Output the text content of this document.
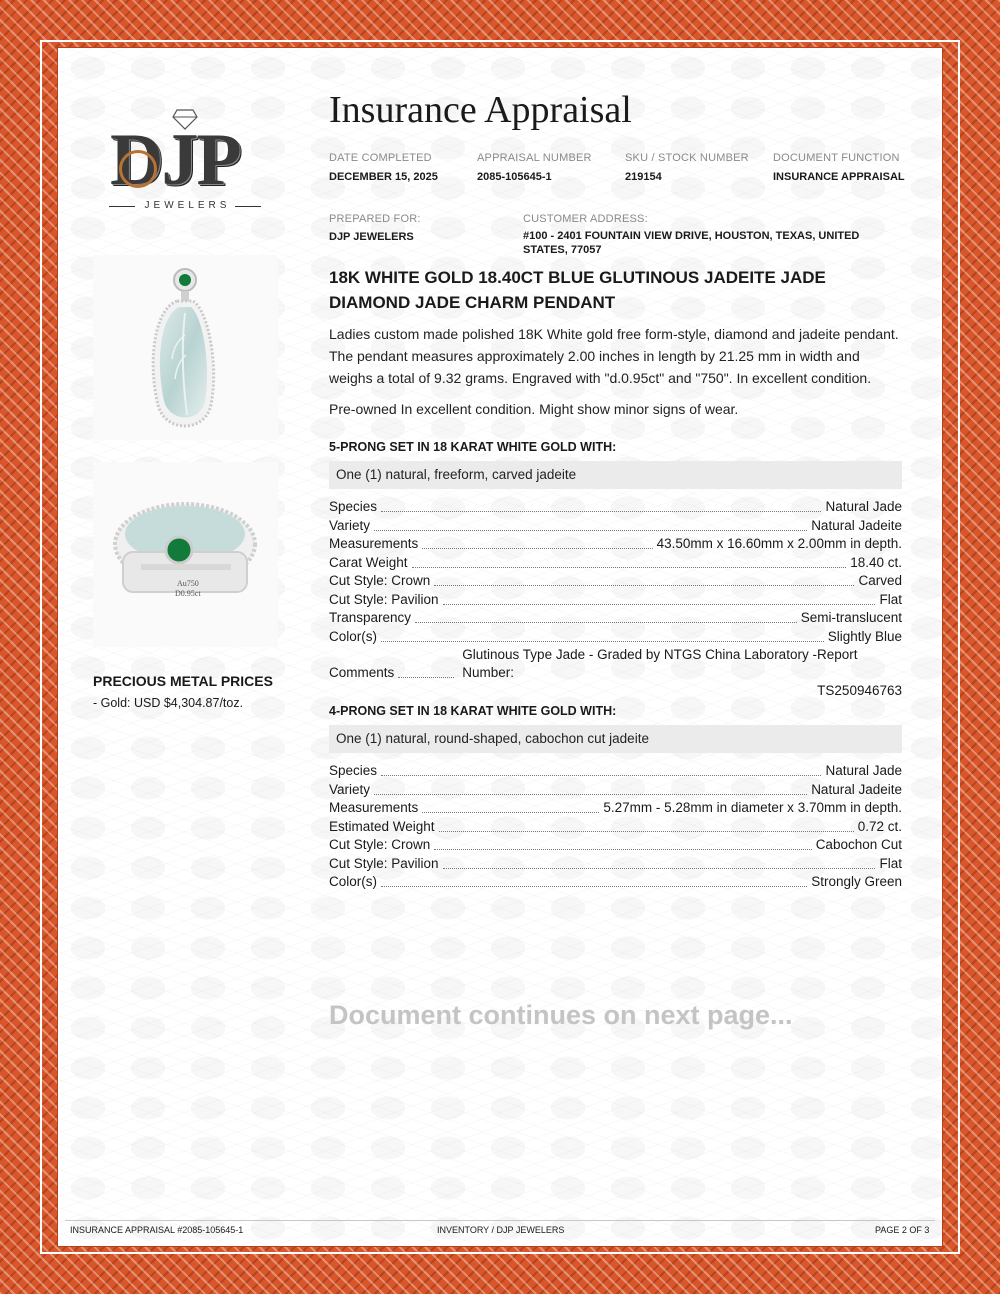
DJP
JEWELERS
Insurance Appraisal
DATE COMPLETED
DECEMBER 15, 2025
APPRAISAL NUMBER
2085-105645-1
SKU / STOCK NUMBER
219154
DOCUMENT FUNCTION
INSURANCE APPRAISAL
PREPARED FOR:
DJP JEWELERS
CUSTOMER ADDRESS:
#100 - 2401 FOUNTAIN VIEW DRIVE, HOUSTON, TEXAS, UNITED STATES, 77057
18K WHITE GOLD 18.40CT BLUE GLUTINOUS JADEITE JADE DIAMOND JADE CHARM PENDANT
Ladies custom made polished 18K White gold free form-style, diamond and jadeite pendant. The pendant measures approximately 2.00 inches in length by 21.25 mm in width and weighs a total of 9.32 grams. Engraved with "d.0.95ct" and "750". In excellent condition.
Pre-owned In excellent condition. Might show minor signs of wear.
5-PRONG SET IN 18 KARAT WHITE GOLD WITH:
One (1) natural, freeform, carved jadeite
Species	Natural Jade
Variety	Natural Jadeite
Measurements	43.50mm x 16.60mm x 2.00mm in depth.
Carat Weight	18.40 ct.
Cut Style: Crown	Carved
Cut Style: Pavilion	Flat
Transparency	Semi-translucent
Color(s)	Slightly Blue
Comments
Glutinous Type Jade - Graded by NTGS China Laboratory -Report Number:
TS250946763
4-PRONG SET IN 18 KARAT WHITE GOLD WITH:
One (1) natural, round-shaped, cabochon cut jadeite
Species	Natural Jade
Variety	Natural Jadeite
Measurements	5.27mm - 5.28mm in diameter x 3.70mm in depth.
Estimated Weight	0.72 ct.
Cut Style: Crown	Cabochon Cut
Cut Style: Pavilion	Flat
Color(s)	Strongly Green
Document continues on next page...
Au750
D0.95ct
PRECIOUS METAL PRICES
- Gold: USD $4,304.87/toz.
INSURANCE APPRAISAL #2085-105645-1	INVENTORY / DJP JEWELERS	PAGE 2 OF 3
